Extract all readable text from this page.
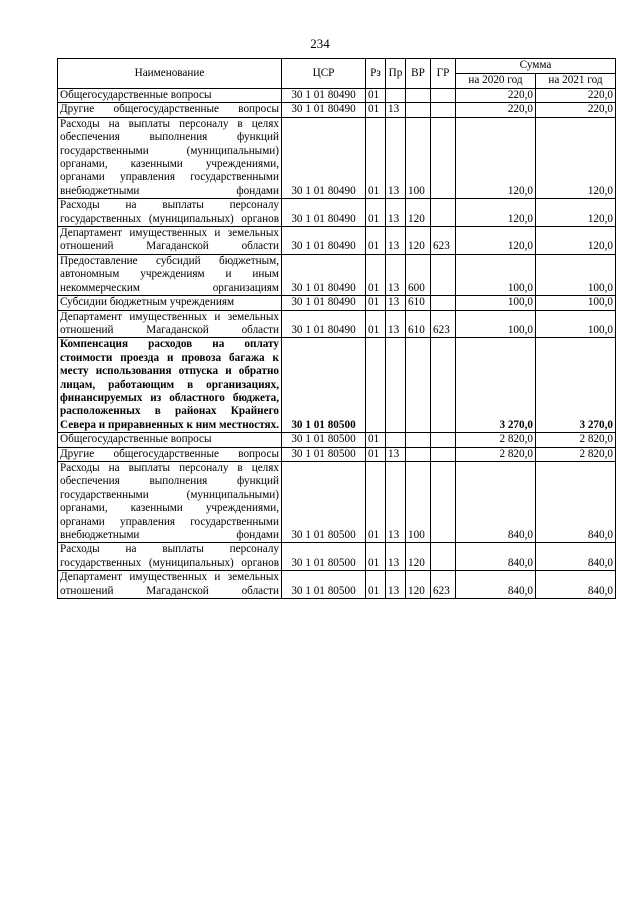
234
Наименование	ЦСР	Рз	Пр	ВР	ГР	Сумма	
						на 2020 год	на 2021 год
Общегосударственные вопросы	30 1 01 80490	01				220,0	220,0
Другие общегосударственные вопросы	30 1 01 80490	01	13			220,0	220,0
Расходы на выплаты персоналу в целях обеспечения выполнения функций государственными (муниципальными) органами, казенными учреждениями, органами управления государственными внебюджетными фондами	30 1 01 80490	01	13	100		120,0	120,0
Расходы на выплаты персоналу государственных (муниципальных) органов	30 1 01 80490	01	13	120		120,0	120,0
Департамент имущественных и земельных отношений Магаданской области	30 1 01 80490	01	13	120	623	120,0	120,0
Предоставление субсидий бюджетным, автономным учреждениям и иным некоммерческим организациям	30 1 01 80490	01	13	600		100,0	100,0
Субсидии бюджетным учреждениям	30 1 01 80490	01	13	610		100,0	100,0
Департамент имущественных и земельных отношений Магаданской области	30 1 01 80490	01	13	610	623	100,0	100,0
Компенсация расходов на оплату стоимости проезда и провоза багажа к месту использования отпуска и обратно лицам, работающим в организациях, финансируемых из областного бюджета, расположенных в районах Крайнего Севера и приравненных к ним местностях.	30 1 01 80500					3 270,0	3 270,0
Общегосударственные вопросы	30 1 01 80500	01				2 820,0	2 820,0
Другие общегосударственные вопросы	30 1 01 80500	01	13			2 820,0	2 820,0
Расходы на выплаты персоналу в целях обеспечения выполнения функций государственными (муниципальными) органами, казенными учреждениями, органами управления государственными внебюджетными фондами	30 1 01 80500	01	13	100		840,0	840,0
Расходы на выплаты персоналу государственных (муниципальных) органов	30 1 01 80500	01	13	120		840,0	840,0
Департамент имущественных и земельных отношений Магаданской области	30 1 01 80500	01	13	120	623	840,0	840,0
